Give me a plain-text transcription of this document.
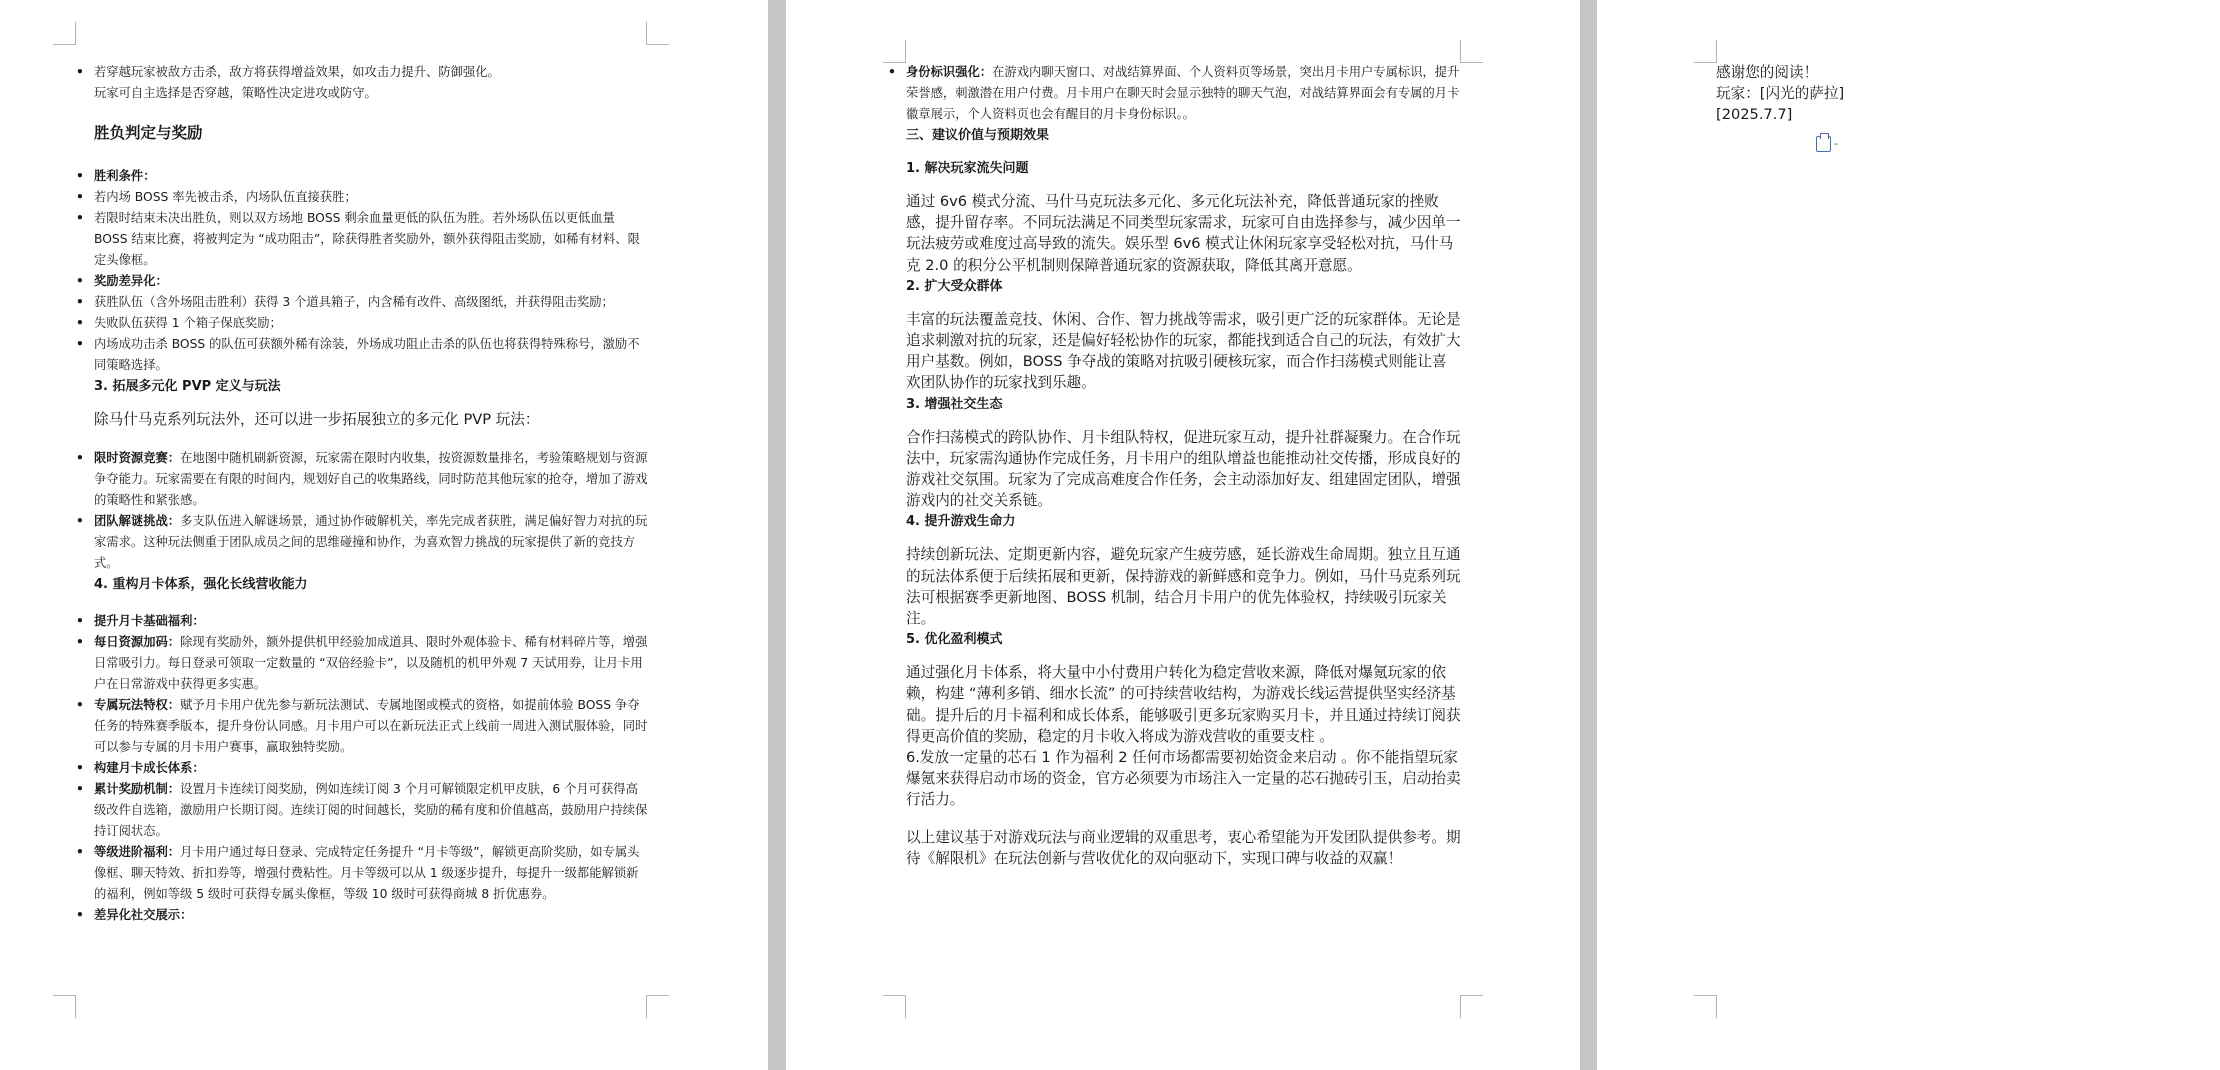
• 若穿越玩家被敌方击杀，敌方将获得增益效果，如攻击力提升、防御强化。

玩家可自主选择是否穿越，策略性决定进攻或防守。

胜负判定与奖励

• 胜利条件：
• 若内场 BOSS 率先被击杀，内场队伍直接获胜；
• 若限时结束未决出胜负，则以双方场地 BOSS 剩余血量更低的队伍为胜。若外场队伍以更低血量 BOSS 结束比赛，将被判定为 “成功阻击”，除获得胜者奖励外，额外获得阻击奖励，如稀有材料、限定头像框。
• 奖励差异化：
• 获胜队伍（含外场阻击胜利）获得 3 个道具箱子，内含稀有改件、高级图纸，并获得阻击奖励；
• 失败队伍获得 1 个箱子保底奖励；
• 内场成功击杀 BOSS 的队伍可获额外稀有涂装，外场成功阻止击杀的队伍也将获得特殊称号，激励不同策略选择。

3. 拓展多元化 PVP 定义与玩法

除马什马克系列玩法外，还可以进一步拓展独立的多元化 PVP 玩法：

• 限时资源竞赛：在地图中随机刷新资源，玩家需在限时内收集，按资源数量排名，考验策略规划与资源争夺能力。玩家需要在有限的时间内，规划好自己的收集路线，同时防范其他玩家的抢夺，增加了游戏的策略性和紧张感。
• 团队解谜挑战：多支队伍进入解谜场景，通过协作破解机关，率先完成者获胜，满足偏好智力对抗的玩家需求。这种玩法侧重于团队成员之间的思维碰撞和协作，为喜欢智力挑战的玩家提供了新的竞技方式。

4. 重构月卡体系，强化长线营收能力

• 提升月卡基础福利：
• 每日资源加码：除现有奖励外，额外提供机甲经验加成道具、限时外观体验卡、稀有材料碎片等，增强日常吸引力。每日登录可领取一定数量的 “双倍经验卡”，以及随机的机甲外观 7 天试用券，让月卡用户在日常游戏中获得更多实惠。
• 专属玩法特权：赋予月卡用户优先参与新玩法测试、专属地图或模式的资格，如提前体验 BOSS 争夺任务的特殊赛季版本，提升身份认同感。月卡用户可以在新玩法正式上线前一周进入测试服体验，同时可以参与专属的月卡用户赛事，赢取独特奖励。
• 构建月卡成长体系：
• 累计奖励机制：设置月卡连续订阅奖励，例如连续订阅 3 个月可解锁限定机甲皮肤，6 个月可获得高级改件自选箱，激励用户长期订阅。连续订阅的时间越长，奖励的稀有度和价值越高，鼓励用户持续保持订阅状态。
• 等级进阶福利：月卡用户通过每日登录、完成特定任务提升 “月卡等级”，解锁更高阶奖励，如专属头像框、聊天特效、折扣券等，增强付费粘性。月卡等级可以从 1 级逐步提升，每提升一级都能解锁新的福利，例如等级 5 级时可获得专属头像框，等级 10 级时可获得商城 8 折优惠券。
• 差异化社交展示：
• 身份标识强化：在游戏内聊天窗口、对战结算界面、个人资料页等场景，突出月卡用户专属标识，提升荣誉感，刺激潜在用户付费。月卡用户在聊天时会显示独特的聊天气泡，对战结算界面会有专属的月卡徽章展示，个人资料页也会有醒目的月卡身份标识。。

三、建议价值与预期效果

1. 解决玩家流失问题

通过 6v6 模式分流、马什马克玩法多元化、多元化玩法补充，降低普通玩家的挫败感，提升留存率。不同玩法满足不同类型玩家需求，玩家可自由选择参与，减少因单一玩法疲劳或难度过高导致的流失。娱乐型 6v6 模式让休闲玩家享受轻松对抗，马什马克 2.0 的积分公平机制则保障普通玩家的资源获取，降低其离开意愿。

2. 扩大受众群体

丰富的玩法覆盖竞技、休闲、合作、智力挑战等需求，吸引更广泛的玩家群体。无论是追求刺激对抗的玩家，还是偏好轻松协作的玩家，都能找到适合自己的玩法，有效扩大用户基数。例如，BOSS 争夺战的策略对抗吸引硬核玩家，而合作扫荡模式则能让喜欢团队协作的玩家找到乐趣。

3. 增强社交生态

合作扫荡模式的跨队协作、月卡组队特权，促进玩家互动，提升社群凝聚力。在合作玩法中，玩家需沟通协作完成任务，月卡用户的组队增益也能推动社交传播，形成良好的游戏社交氛围。玩家为了完成高难度合作任务，会主动添加好友、组建固定团队，增强游戏内的社交关系链。

4. 提升游戏生命力

持续创新玩法、定期更新内容，避免玩家产生疲劳感，延长游戏生命周期。独立且互通的玩法体系便于后续拓展和更新，保持游戏的新鲜感和竞争力。例如，马什马克系列玩法可根据赛季更新地图、BOSS 机制，结合月卡用户的优先体验权，持续吸引玩家关注。

5. 优化盈利模式

通过强化月卡体系，将大量中小付费用户转化为稳定营收来源，降低对爆氪玩家的依赖，构建 “薄利多销、细水长流” 的可持续营收结构，为游戏长线运营提供坚实经济基础。提升后的月卡福利和成长体系，能够吸引更多玩家购买月卡，并且通过持续订阅获得更高价值的奖励，稳定的月卡收入将成为游戏营收的重要支柱 。

6.发放一定量的芯石 1 作为福利 2 任何市场都需要初始资金来启动 。你不能指望玩家爆氪来获得启动市场的资金，官方必须要为市场注入一定量的芯石抛砖引玉，启动抬卖行活力。

以上建议基于对游戏玩法与商业逻辑的双重思考，衷心希望能为开发团队提供参考。期待《解限机》在玩法创新与营收优化的双向驱动下，实现口碑与收益的双赢！

感谢您的阅读！

玩家：[闪光的萨拉]

[2025.7.7]

-
